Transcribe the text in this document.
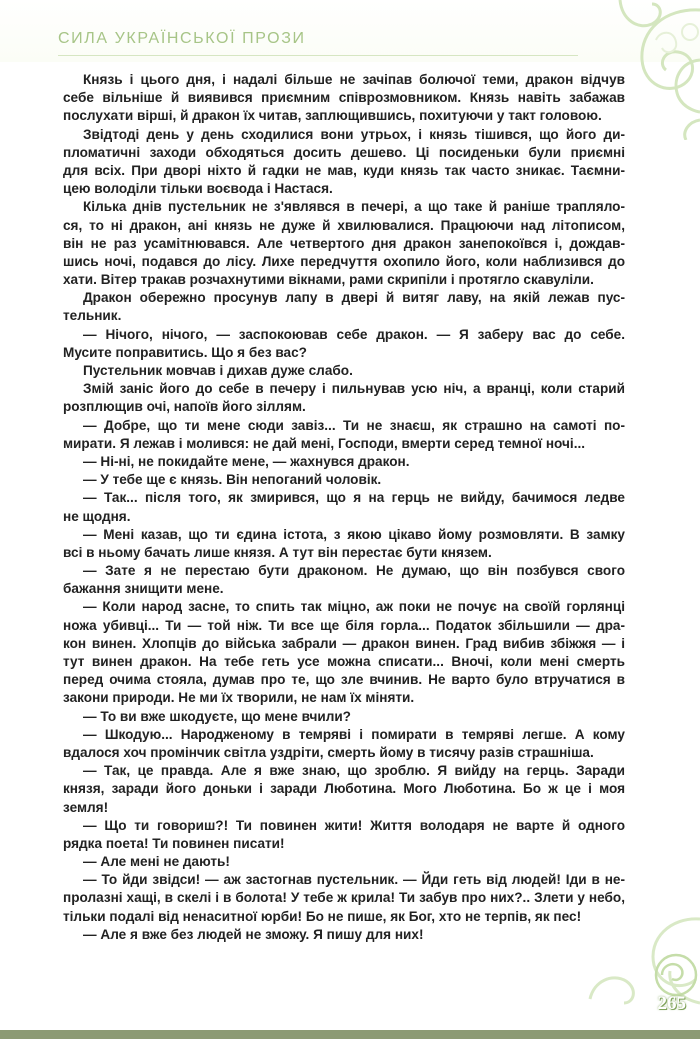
СИЛА УКРАЇНСЬКОЇ ПРОЗИ
Князь і цього дня, і надалі більше не зачіпав болючої теми, дракон відчув
себе вільніше й виявився приємним співрозмовником. Князь навіть забажав
послухати вірші, й дракон їх читав, заплющившись, похитуючи у такт головою.
Звідтоді день у день сходилися вони утрьох, і князь тішився, що його ди-
пломатичні заходи обходяться досить дешево. Ці посиденьки були приємні
для всіх. При дворі ніхто й гадки не мав, куди князь так часто зникає. Таємни-
цею володіли тільки воєвода і Настася.
Кілька днів пустельник не з'являвся в печері, а що таке й раніше трапляло-
ся, то ні дракон, ані князь не дуже й хвилювалися. Працюючи над літописом,
він не раз усамітнювався. Але четвертого дня дракон занепокоївся і, дождав-
шись ночі, подався до лісу. Лихе передчуття охопило його, коли наблизився до
хати. Вітер тракав розчахнутими вікнами, рами скрипіли і протягло скавуліли.
Дракон обережно просунув лапу в двері й витяг лаву, на якій лежав пус-
тельник.
— Нічого, нічого, — заспокоював себе дракон. — Я заберу вас до себе.
Мусите поправитись. Що я без вас?
Пустельник мовчав і дихав дуже слабо.
Змій заніс його до себе в печеру і пильнував усю ніч, а вранці, коли старий
розплющив очі, напоїв його зіллям.
— Добре, що ти мене сюди завіз... Ти не знаєш, як страшно на самоті по-
мирати. Я лежав і молився: не дай мені, Господи, вмерти серед темної ночі...
— Ні-ні, не покидайте мене, — жахнувся дракон.
— У тебе ще є князь. Він непоганий чоловік.
— Так... після того, як змирився, що я на герць не вийду, бачимося ледве
не щодня.
— Мені казав, що ти єдина істота, з якою цікаво йому розмовляти. В замку
всі в ньому бачать лише князя. А тут він перестає бути князем.
— Зате я не перестаю бути драконом. Не думаю, що він позбувся свого
бажання знищити мене.
— Коли народ засне, то спить так міцно, аж поки не почує на своїй горлянці
ножа убивці... Ти — той ніж. Ти все ще біля горла... Податок збільшили — дра-
кон винен. Хлопців до війська забрали — дракон винен. Град вибив збіжжя — і
тут винен дракон. На тебе геть усе можна списати... Вночі, коли мені смерть
перед очима стояла, думав про те, що зле вчинив. Не варто було втручатися в
закони природи. Не ми їх творили, не нам їх міняти.
— То ви вже шкодуєте, що мене вчили?
— Шкодую... Народженому в темряві і помирати в темряві легше. А кому
вдалося хоч промінчик світла уздріти, смерть йому в тисячу разів страшніша.
— Так, це правда. Але я вже знаю, що зроблю. Я вийду на герць. Заради
князя, заради його доньки і заради Люботина. Мого Люботина. Бо ж це і моя
земля!
— Що ти говориш?! Ти повинен жити! Життя володаря не варте й одного
рядка поета! Ти повинен писати!
— Але мені не дають!
— То йди звідси! — аж застогнав пустельник. — Йди геть від людей! Іди в не-
пролазні хащі, в скелі і в болота! У тебе ж крила! Ти забув про них?.. Злети у небо,
тільки подалі від ненаситної юрби! Бо не пише, як Бог, хто не терпів, як пес!
— Але я вже без людей не зможу. Я пишу для них!
265
